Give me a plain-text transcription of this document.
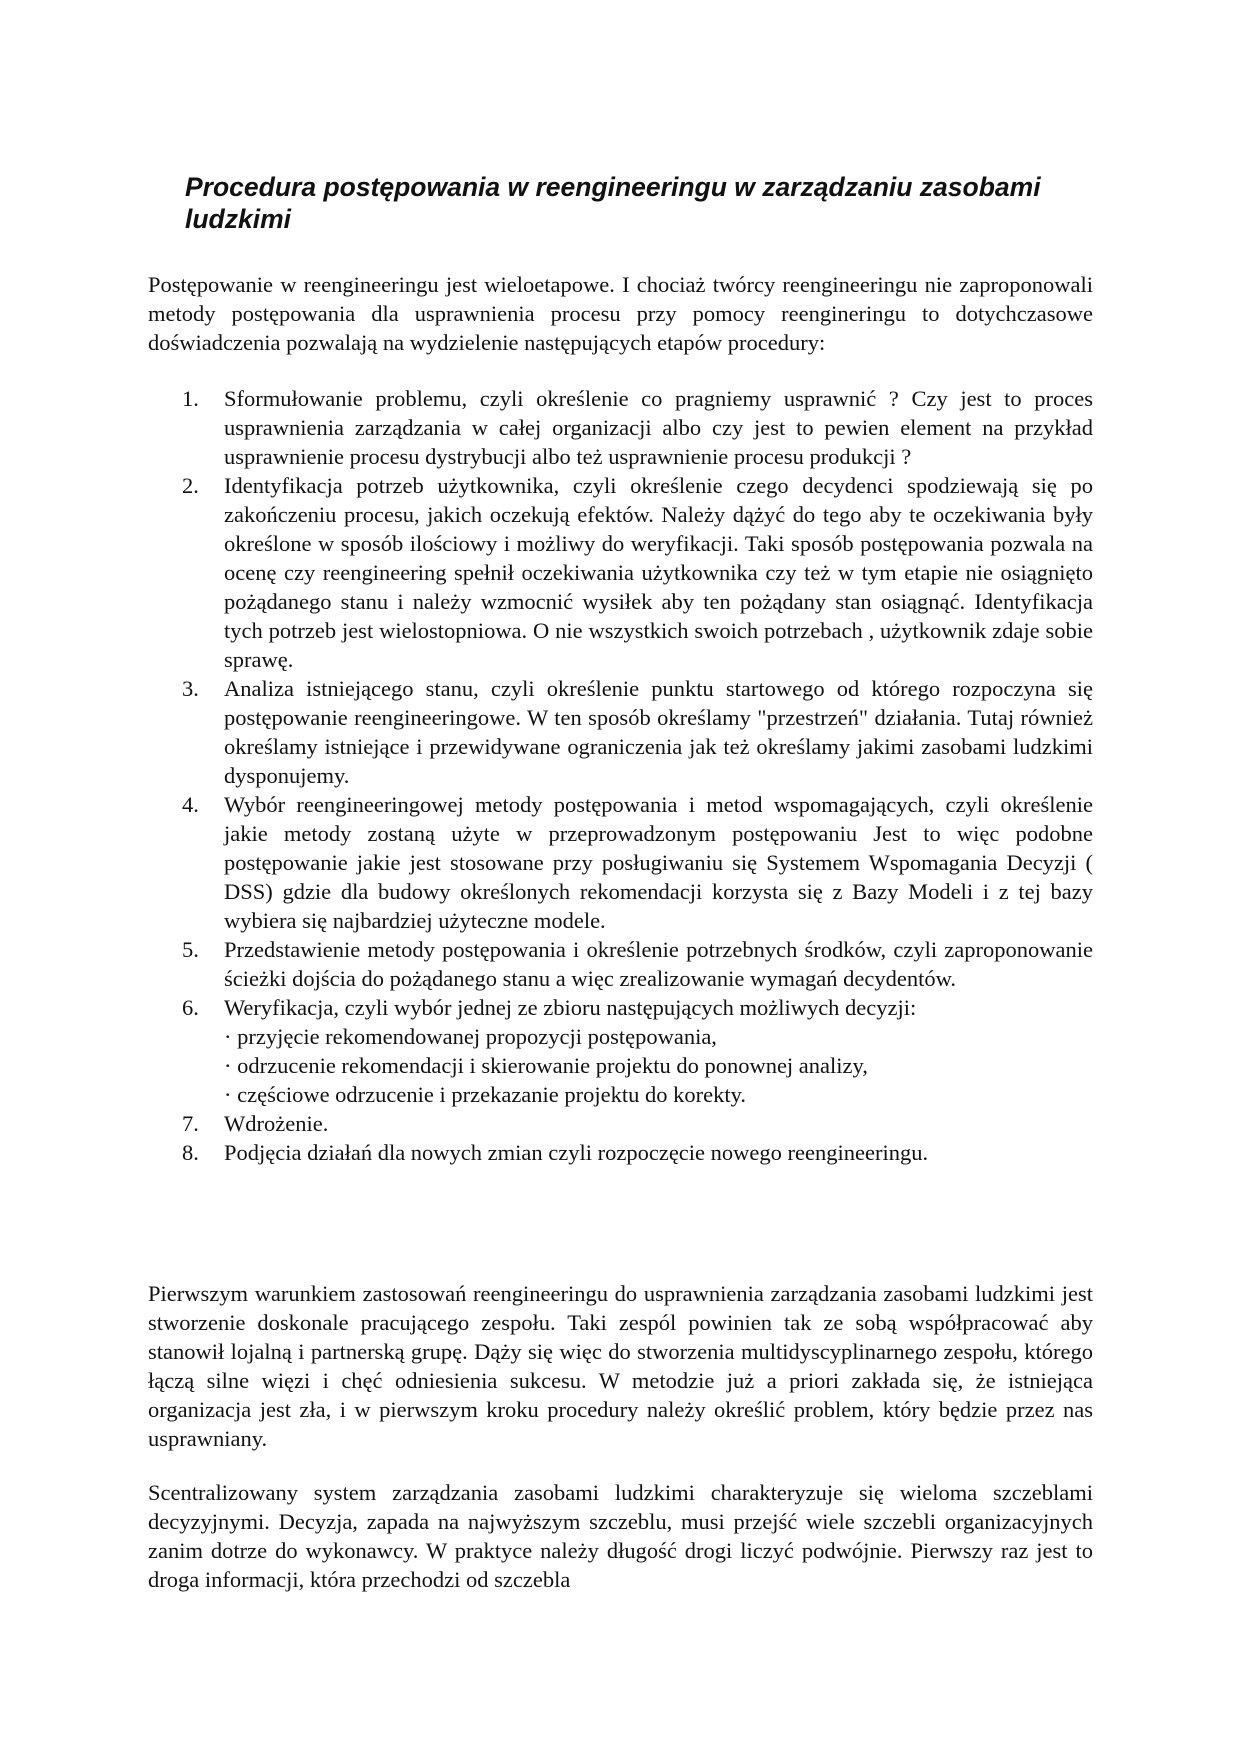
Procedura postępowania w reengineeringu w zarządzaniu zasobami ludzkimi

Postępowanie w reengineeringu jest wieloetapowe. I chociaż twórcy reengineeringu nie zaproponowali metody postępowania dla usprawnienia procesu przy pomocy reengineringu to dotychczasowe doświadczenia pozwalają na wydzielenie następujących etapów procedury:

1. Sformułowanie problemu, czyli określenie co pragniemy usprawnić ? Czy jest to proces usprawnienia zarządzania w całej organizacji albo czy jest to pewien element na przykład usprawnienie procesu dystrybucji albo też usprawnienie procesu produkcji ?
2. Identyfikacja potrzeb użytkownika, czyli określenie czego decydenci spodziewają się po zakończeniu procesu, jakich oczekują efektów. Należy dążyć do tego aby te oczekiwania były określone w sposób ilościowy i możliwy do weryfikacji. Taki sposób postępowania pozwala na ocenę czy reengineering spełnił oczekiwania użytkownika czy też w tym etapie nie osiągnięto pożądanego stanu i należy wzmocnić wysiłek aby ten pożądany stan osiągnąć. Identyfikacja tych potrzeb jest wielostopniowa. O nie wszystkich swoich potrzebach , użytkownik zdaje sobie sprawę.
3. Analiza istniejącego stanu, czyli określenie punktu startowego od którego rozpoczyna się postępowanie reengineeringowe. W ten sposób określamy "przestrzeń" działania. Tutaj również określamy istniejące i przewidywane ograniczenia jak też określamy jakimi zasobami ludzkimi dysponujemy.
4. Wybór reengineeringowej metody postępowania i metod wspomagających, czyli określenie jakie metody zostaną użyte w przeprowadzonym postępowaniu Jest to więc podobne postępowanie jakie jest stosowane przy posługiwaniu się Systemem Wspomagania Decyzji ( DSS) gdzie dla budowy określonych rekomendacji korzysta się z Bazy Modeli i z tej bazy wybiera się najbardziej użyteczne modele.
5. Przedstawienie metody postępowania i określenie potrzebnych środków, czyli zaproponowanie ścieżki dojścia do pożądanego stanu a więc zrealizowanie wymagań decydentów.
6. Weryfikacja, czyli wybór jednej ze zbioru następujących możliwych decyzji:
· przyjęcie rekomendowanej propozycji postępowania,
· odrzucenie rekomendacji i skierowanie projektu do ponownej analizy,
· częściowe odrzucenie i przekazanie projektu do korekty.
7. Wdrożenie.
8. Podjęcia działań dla nowych zmian czyli rozpoczęcie nowego reengineeringu.

Pierwszym warunkiem zastosowań reengineeringu do usprawnienia zarządzania zasobami ludzkimi jest stworzenie doskonale pracującego zespołu. Taki zespól powinien tak ze sobą współpracować aby stanowił lojalną i partnerską grupę. Dąży się więc do stworzenia multidyscyplinarnego zespołu, którego łączą silne więzi i chęć odniesienia sukcesu. W metodzie już a priori zakłada się, że istniejąca organizacja jest zła, i w pierwszym kroku procedury należy określić problem, który będzie przez nas usprawniany.

Scentralizowany system zarządzania zasobami ludzkimi charakteryzuje się wieloma szczeblami decyzyjnymi. Decyzja, zapada na najwyższym szczeblu, musi przejść wiele szczebli organizacyjnych zanim dotrze do wykonawcy. W praktyce należy długość drogi liczyć podwójnie. Pierwszy raz jest to droga informacji, która przechodzi od szczebla
